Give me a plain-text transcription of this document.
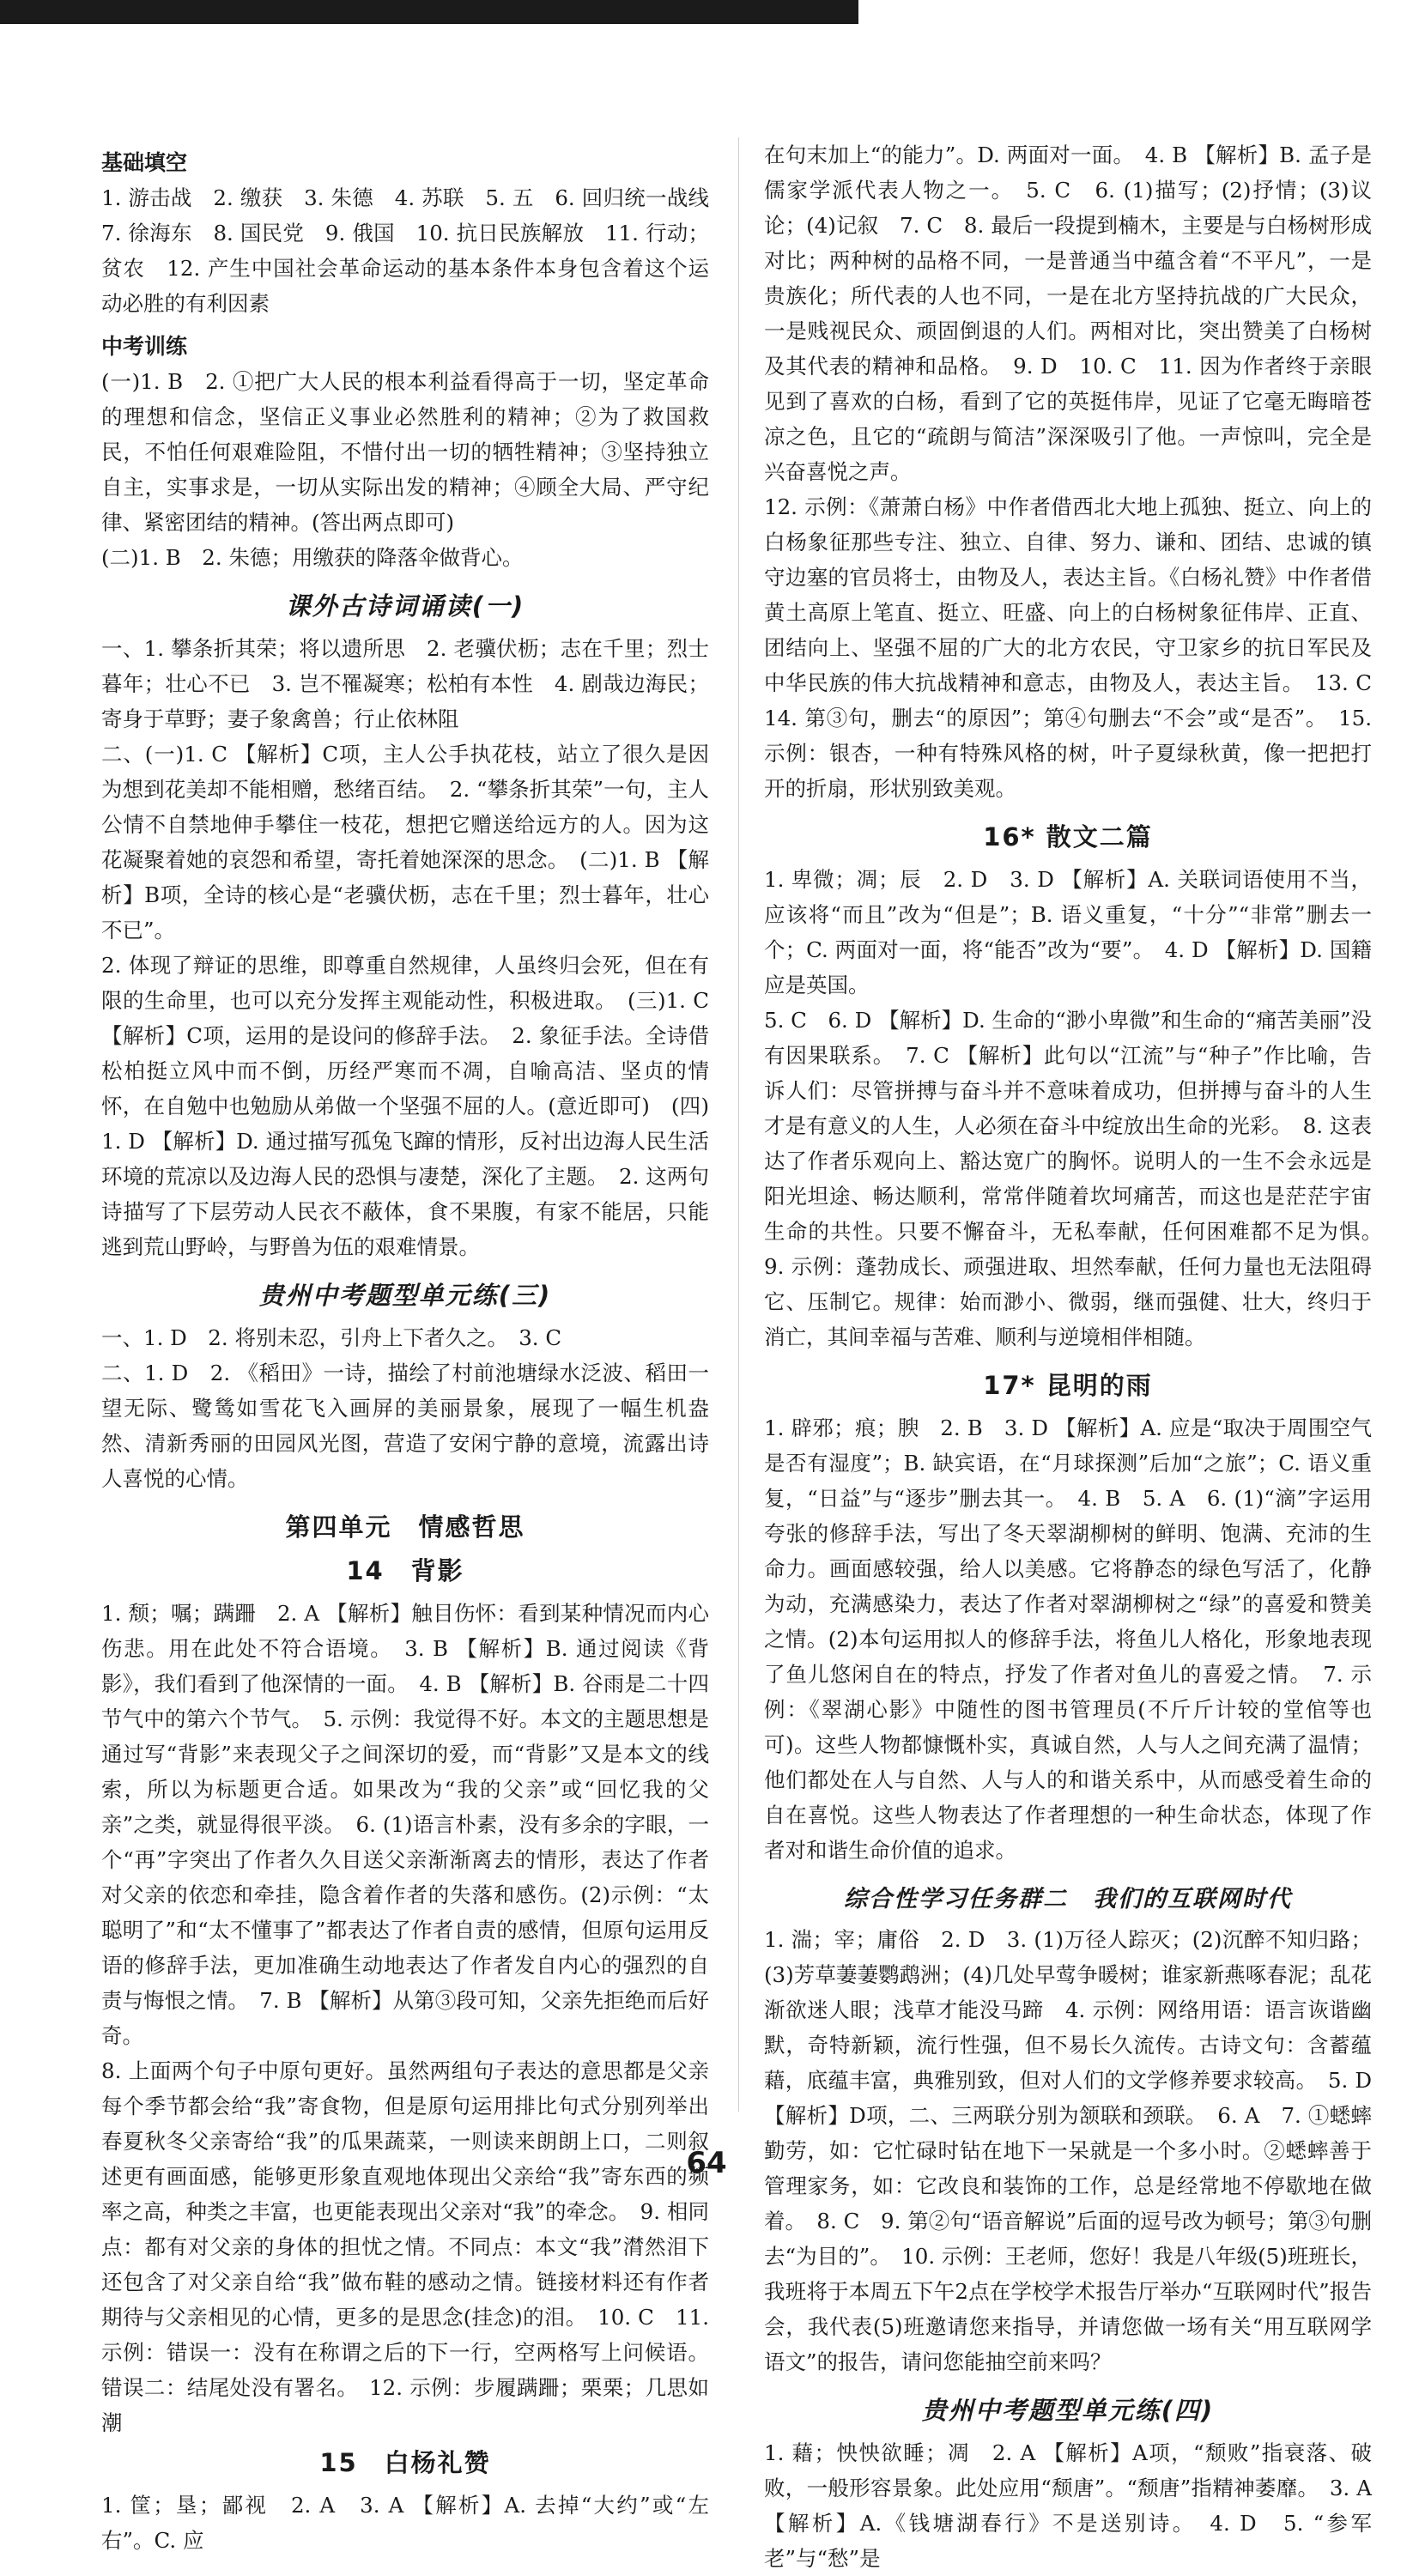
基础填空

1. 游击战　2. 缴获　3. 朱德　4. 苏联　5. 五　6. 回归统一战线　7. 徐海东　8. 国民党　9. 俄国　10. 抗日民族解放　11. 行动；贫农　12. 产生中国社会革命运动的基本条件本身包含着这个运动必胜的有利因素

中考训练

(一)1. B　2. ①把广大人民的根本利益看得高于一切，坚定革命的理想和信念，坚信正义事业必然胜利的精神；②为了救国救民，不怕任何艰难险阻，不惜付出一切的牺牲精神；③坚持独立自主，实事求是，一切从实际出发的精神；④顾全大局、严守纪律、紧密团结的精神。(答出两点即可)

(二)1. B　2. 朱德；用缴获的降落伞做背心。

课外古诗词诵读(一)

一、1. 攀条折其荣；将以遗所思　2. 老骥伏枥；志在千里；烈士暮年；壮心不已　3. 岂不罹凝寒；松柏有本性　4. 剧哉边海民；寄身于草野；妻子象禽兽；行止依林阻
二、(一)1. C 【解析】C项，主人公手执花枝，站立了很久是因为想到花美却不能相赠，愁绪百结。　2. “攀条折其荣”一句，主人公情不自禁地伸手攀住一枝花，想把它赠送给远方的人。因为这花凝聚着她的哀怨和希望，寄托着她深深的思念。　(二)1. B 【解析】B项，全诗的核心是“老骥伏枥，志在千里；烈士暮年，壮心不已”。
2. 体现了辩证的思维，即尊重自然规律，人虽终归会死，但在有限的生命里，也可以充分发挥主观能动性，积极进取。　(三)1. C 【解析】C项，运用的是设问的修辞手法。　2. 象征手法。全诗借松柏挺立风中而不倒，历经严寒而不凋，自喻高洁、坚贞的情怀，在自勉中也勉励从弟做一个坚强不屈的人。(意近即可)　(四)1. D 【解析】D. 通过描写孤兔飞蹿的情形，反衬出边海人民生活环境的荒凉以及边海人民的恐惧与凄楚，深化了主题。　2. 这两句诗描写了下层劳动人民衣不蔽体，食不果腹，有家不能居，只能逃到荒山野岭，与野兽为伍的艰难情景。

贵州中考题型单元练(三)

一、1. D　2. 将别未忍，引舟上下者久之。　3. C
二、1. D　2. 《稻田》一诗，描绘了村前池塘绿水泛波、稻田一望无际、鹭鸶如雪花飞入画屏的美丽景象，展现了一幅生机盎然、清新秀丽的田园风光图，营造了安闲宁静的意境，流露出诗人喜悦的心情。

第四单元　情感哲思
14　背影

1. 颓；嘱；蹒跚　2. A 【解析】触目伤怀：看到某种情况而内心伤悲。用在此处不符合语境。　3. B 【解析】B. 通过阅读《背影》，我们看到了他深情的一面。　4. B 【解析】B. 谷雨是二十四节气中的第六个节气。　5. 示例：我觉得不好。本文的主题思想是通过写“背影”来表现父子之间深切的爱，而“背影”又是本文的线索，所以为标题更合适。如果改为“我的父亲”或“回忆我的父亲”之类，就显得很平淡。　6. (1)语言朴素，没有多余的字眼，一个“再”字突出了作者久久目送父亲渐渐离去的情形，表达了作者对父亲的依恋和牵挂，隐含着作者的失落和感伤。(2)示例：“太聪明了”和“太不懂事了”都表达了作者自责的感情，但原句运用反语的修辞手法，更加准确生动地表达了作者发自内心的强烈的自责与悔恨之情。　7. B 【解析】从第③段可知，父亲先拒绝而后好奇。
8. 上面两个句子中原句更好。虽然两组句子表达的意思都是父亲每个季节都会给“我”寄食物，但是原句运用排比句式分别列举出春夏秋冬父亲寄给“我”的瓜果蔬菜，一则读来朗朗上口，二则叙述更有画面感，能够更形象直观地体现出父亲给“我”寄东西的频率之高，种类之丰富，也更能表现出父亲对“我”的牵念。　9. 相同点：都有对父亲的身体的担忧之情。不同点：本文“我”潸然泪下还包含了对父亲自给“我”做布鞋的感动之情。链接材料还有作者期待与父亲相见的心情，更多的是思念(挂念)的泪。　10. C　11. 示例：错误一：没有在称谓之后的下一行，空两格写上问候语。错误二：结尾处没有署名。　12. 示例：步履蹒跚；栗栗；几思如潮

15　白杨礼赞

1. 筐；垦；鄙视　2. A　3. A 【解析】A. 去掉“大约”或“左右”。C. 应

在句末加上“的能力”。D. 两面对一面。　4. B 【解析】B. 孟子是儒家学派代表人物之一。　5. C　6. (1)描写；(2)抒情；(3)议论；(4)记叙　7. C　8. 最后一段提到楠木，主要是与白杨树形成对比；两种树的品格不同，一是普通当中蕴含着“不平凡”，一是贵族化；所代表的人也不同，一是在北方坚持抗战的广大民众，一是贱视民众、顽固倒退的人们。两相对比，突出赞美了白杨树及其代表的精神和品格。　9. D　10. C　11. 因为作者终于亲眼见到了喜欢的白杨，看到了它的英挺伟岸，见证了它毫无晦暗苍凉之色，且它的“疏朗与简洁”深深吸引了他。一声惊叫，完全是兴奋喜悦之声。
12. 示例：《萧萧白杨》中作者借西北大地上孤独、挺立、向上的白杨象征那些专注、独立、自律、努力、谦和、团结、忠诚的镇守边塞的官员将士，由物及人，表达主旨。《白杨礼赞》中作者借黄土高原上笔直、挺立、旺盛、向上的白杨树象征伟岸、正直、团结向上、坚强不屈的广大的北方农民，守卫家乡的抗日军民及中华民族的伟大抗战精神和意志，由物及人，表达主旨。　13. C　14. 第③句，删去“的原因”；第④句删去“不会”或“是否”。　15. 示例：银杏，一种有特殊风格的树，叶子夏绿秋黄，像一把把打开的折扇，形状别致美观。

16* 散文二篇

1. 卑微；凋；辰　2. D　3. D 【解析】A. 关联词语使用不当，应该将“而且”改为“但是”；B. 语义重复，“十分”“非常”删去一个；C. 两面对一面，将“能否”改为“要”。　4. D 【解析】D. 国籍应是英国。
5. C　6. D 【解析】D. 生命的“渺小卑微”和生命的“痛苦美丽”没有因果联系。　7. C 【解析】此句以“江流”与“种子”作比喻，告诉人们：尽管拼搏与奋斗并不意味着成功，但拼搏与奋斗的人生才是有意义的人生，人必须在奋斗中绽放出生命的光彩。　8. 这表达了作者乐观向上、豁达宽广的胸怀。说明人的一生不会永远是阳光坦途、畅达顺利，常常伴随着坎坷痛苦，而这也是茫茫宇宙生命的共性。只要不懈奋斗，无私奉献，任何困难都不足为惧。　9. 示例：蓬勃成长、顽强进取、坦然奉献，任何力量也无法阻碍它、压制它。规律：始而渺小、微弱，继而强健、壮大，终归于消亡，其间幸福与苦难、顺利与逆境相伴相随。

17* 昆明的雨

1. 辟邪；痕；腴　2. B　3. D 【解析】A. 应是“取决于周围空气是否有湿度”；B. 缺宾语，在“月球探测”后加“之旅”；C. 语义重复，“日益”与“逐步”删去其一。　4. B　5. A　6. (1)“滴”字运用夸张的修辞手法，写出了冬天翠湖柳树的鲜明、饱满、充沛的生命力。画面感较强，给人以美感。它将静态的绿色写活了，化静为动，充满感染力，表达了作者对翠湖柳树之“绿”的喜爱和赞美之情。(2)本句运用拟人的修辞手法，将鱼儿人格化，形象地表现了鱼儿悠闲自在的特点，抒发了作者对鱼儿的喜爱之情。　7. 示例：《翠湖心影》中随性的图书管理员(不斤斤计较的堂倌等也可)。这些人物都慷慨朴实，真诚自然，人与人之间充满了温情；他们都处在人与自然、人与人的和谐关系中，从而感受着生命的自在喜悦。这些人物表达了作者理想的一种生命状态，体现了作者对和谐生命价值的追求。

综合性学习任务群二　我们的互联网时代

1. 湍；宰；庸俗　2. D　3. (1)万径人踪灭；(2)沉醉不知归路；(3)芳草萋萋鹦鹉洲；(4)几处早莺争暖树；谁家新燕啄春泥；乱花渐欲迷人眼；浅草才能没马蹄　4. 示例：网络用语：语言诙谐幽默，奇特新颖，流行性强，但不易长久流传。古诗文句：含蓄蕴藉，底蕴丰富，典雅别致，但对人们的文学修养要求较高。　5. D 【解析】D项，二、三两联分别为颔联和颈联。　6. A　7. ①蟋蟀勤劳，如：它忙碌时钻在地下一呆就是一个多小时。②蟋蟀善于管理家务，如：它改良和装饰的工作，总是经常地不停歇地在做着。　8. C　9. 第②句“语音解说”后面的逗号改为顿号；第③句删去“为目的”。　10. 示例：王老师，您好！我是八年级(5)班班长，我班将于本周五下午2点在学校学术报告厅举办“互联网时代”报告会，我代表(5)班邀请您来指导，并请您做一场有关“用互联网学语文”的报告，请问您能抽空前来吗？

贵州中考题型单元练(四)

1. 藉；怏怏欲睡；凋　2. A 【解析】A项，“颓败”指衰落、破败，一般形容景象。此处应用“颓唐”。“颓唐”指精神萎靡。　3. A 【解析】A.《钱塘湖春行》不是送别诗。　4. D　5. “参军老”与“愁”是

64
